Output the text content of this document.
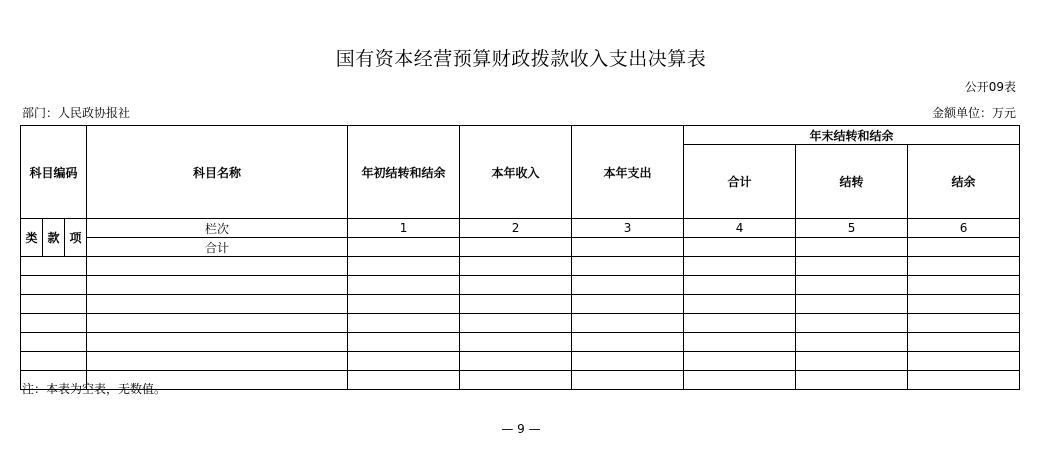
国有资本经营预算财政拨款收入支出决算表
公开09表
部门：人民政协报社	金额单位：万元
科目编码			科目名称	年初结转和结余	本年收入	本年支出	年末结转和结余		
							合计	结转	结余
类	款	项	栏次	1	2	3	4	5	6
			合计						

注：本表为空表，无数值。
— 9 —
